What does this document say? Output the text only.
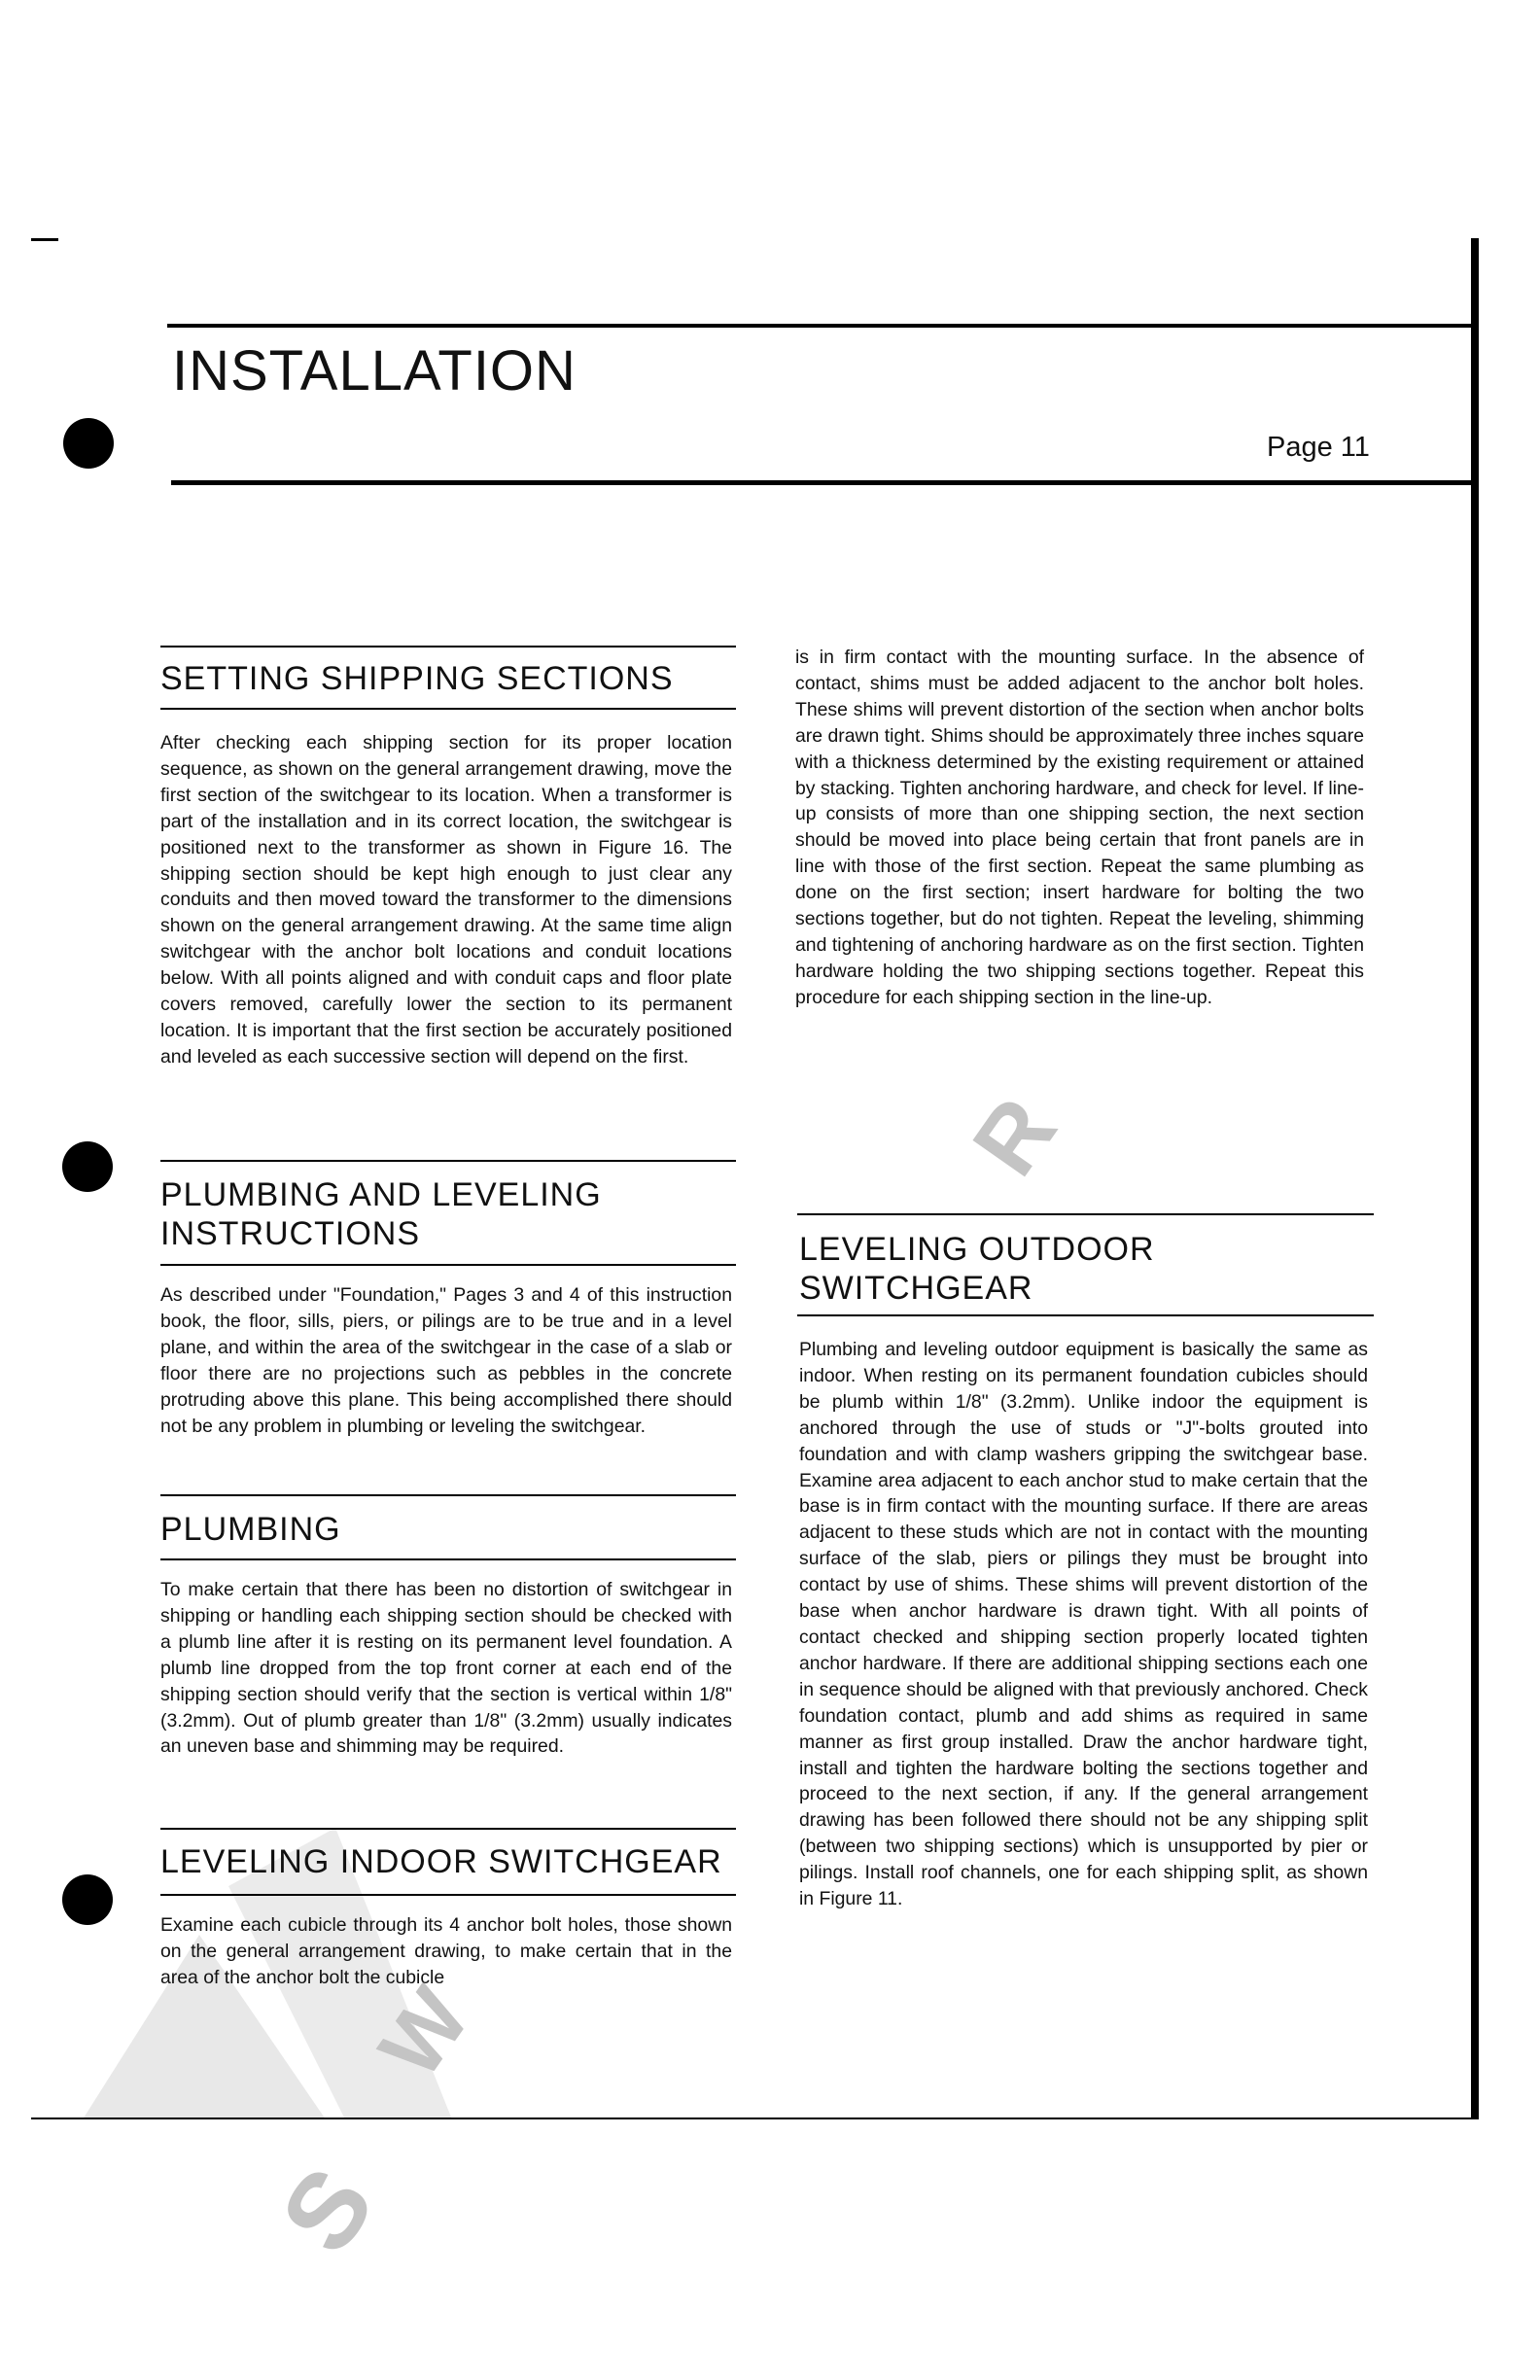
S
W
R
INSTALLATION
Page 11
SETTING SHIPPING SECTIONS

After checking each shipping section for its proper location sequence, as shown on the general arrangement drawing, move the first section of the switchgear to its location. When a transformer is part of the installation and in its correct location, the switchgear is positioned next to the transformer as shown in Figure 16. The shipping section should be kept high enough to just clear any conduits and then moved toward the transformer to the dimensions shown on the general arrangement drawing. At the same time align switchgear with the anchor bolt locations and conduit locations below. With all points aligned and with conduit caps and floor plate covers removed, carefully lower the section to its permanent location. It is important that the first section be accurately positioned and leveled as each successive section will depend on the first.

PLUMBING AND LEVELING
INSTRUCTIONS

As described under "Foundation," Pages 3 and 4 of this instruction book, the floor, sills, piers, or pilings are to be true and in a level plane, and within the area of the switchgear in the case of a slab or floor there are no projections such as pebbles in the concrete protruding above this plane. This being accomplished there should not be any problem in plumbing or leveling the switchgear.

PLUMBING

To make certain that there has been no distortion of switchgear in shipping or handling each shipping section should be checked with a plumb line after it is resting on its permanent level foundation. A plumb line dropped from the top front corner at each end of the shipping section should verify that the section is vertical within 1/8" (3.2mm). Out of plumb greater than 1/8" (3.2mm) usually indicates an uneven base and shimming may be required.

LEVELING INDOOR SWITCHGEAR

Examine each cubicle through its 4 anchor bolt holes, those shown on the general arrangement drawing, to make certain that in the area of the anchor bolt the cubicle

is in firm contact with the mounting surface. In the absence of contact, shims must be added adjacent to the anchor bolt holes. These shims will prevent distortion of the section when anchor bolts are drawn tight. Shims should be approximately three inches square with a thickness determined by the existing requirement or attained by stacking. Tighten anchoring hardware, and check for level. If line-up consists of more than one shipping section, the next section should be moved into place being certain that front panels are in line with those of the first section. Repeat the same plumbing as done on the first section; insert hardware for bolting the two sections together, but do not tighten. Repeat the leveling, shimming and tightening of anchoring hardware as on the first section. Tighten hardware holding the two shipping sections together. Repeat this procedure for each shipping section in the line-up.

LEVELING OUTDOOR
SWITCHGEAR

Plumbing and leveling outdoor equipment is basically the same as indoor. When resting on its permanent foundation cubicles should be plumb within 1/8" (3.2mm). Unlike indoor the equipment is anchored through the use of studs or "J"-bolts grouted into foundation and with clamp washers gripping the switchgear base. Examine area adjacent to each anchor stud to make certain that the base is in firm contact with the mounting surface. If there are areas adjacent to these studs which are not in contact with the mounting surface of the slab, piers or pilings they must be brought into contact by use of shims. These shims will prevent distortion of the base when anchor hardware is drawn tight. With all points of contact checked and shipping section properly located tighten anchor hardware. If there are additional shipping sections each one in sequence should be aligned with that previously anchored. Check foundation contact, plumb and add shims as required in same manner as first group installed. Draw the anchor hardware tight, install and tighten the hardware bolting the sections together and proceed to the next section, if any. If the general arrangement drawing has been followed there should not be any shipping split (between two shipping sections) which is unsupported by pier or pilings. Install roof channels, one for each shipping split, as shown in Figure 11.
